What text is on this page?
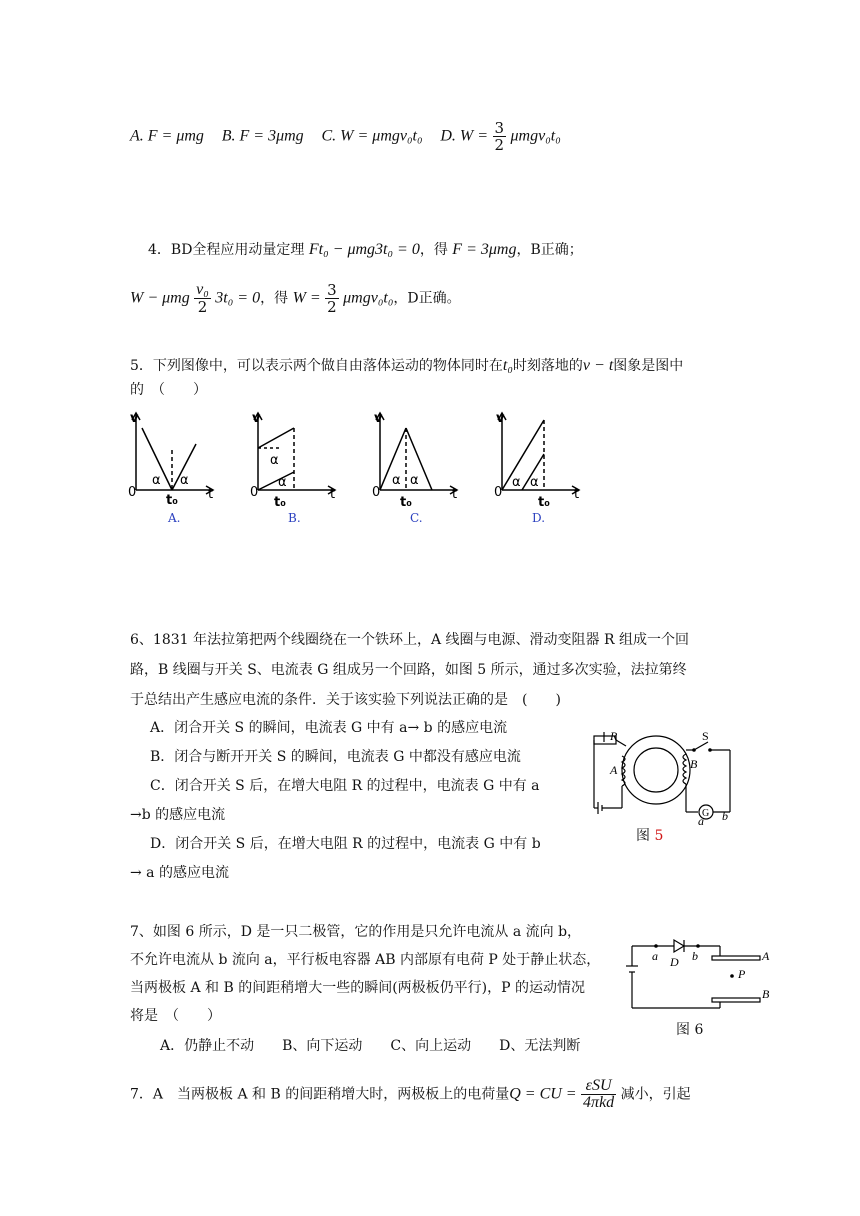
A. F = μmg B. F = 3μmg C. W = μmgv₀t₀ D. $W = \frac{3}{2} \mu mgv_0t_0$
4．BD全程应用动量定理 Ft₀ − μmg3t₀ = 0，得 F = 3μmg，B正确；
W − μmg $\frac{\text{v₀}}{2} 3t_0 = 0$，得 $W = \frac{3}{2} \mu mgv_0t_0$，D正确。
5．下列图像中，可以表示两个做自由落体运动的物体同时在t₀时刻落地的v − t图象是图中
的　（　　）
v
0	t
t₀
α α
A.
v
0	t
t₀
α
α
B.
v
0	t
t₀
α α
C.
v
0	t
t₀
α α
D.
6、1831 年法拉第把两个线圈绕在一个铁环上，A 线圈与电源、滑动变阻器 R 组成一个回
路，B 线圈与开关 S、电流表 G 组成另一个回路，如图 5 所示，通过多次实验，法拉第终
于总结出产生感应电流的条件．关于该实验下列说法正确的是　(　　)
A．闭合开关 S 的瞬间，电流表 G 中有 a→ b 的感应电流
B．闭合与断开开关 S 的瞬间，电流表 G 中都没有感应电流
C．闭合开关 S 后，在增大电阻 R 的过程中，电流表 G 中有 a
→b 的感应电流
D．闭合开关 S 后，在增大电阻 R 的过程中，电流表 G 中有 b
→ a 的感应电流
R	S
A	B
a b
G
图 5
7、如图 6 所示，D 是一只二极管，它的作用是只允许电流从 a 流向 b，
不允许电流从 b 流向 a，平行板电容器 AB 内部原有电荷 P 处于静止状态，
当两极板 A 和 B 的间距稍增大一些的瞬间(两极板仍平行)，P 的运动情况
将是　（　　）
A．仍静止不动　　B、向下运动　　C、向上运动　　D、无法判断
a D b	A
P
B
图 6
7．A　当两极板 A 和 B 的间距稍增大时，两极板上的电荷量Q = CU = $\frac{\text{εSU}}{\text{4πkd}}$ 减小，引起
